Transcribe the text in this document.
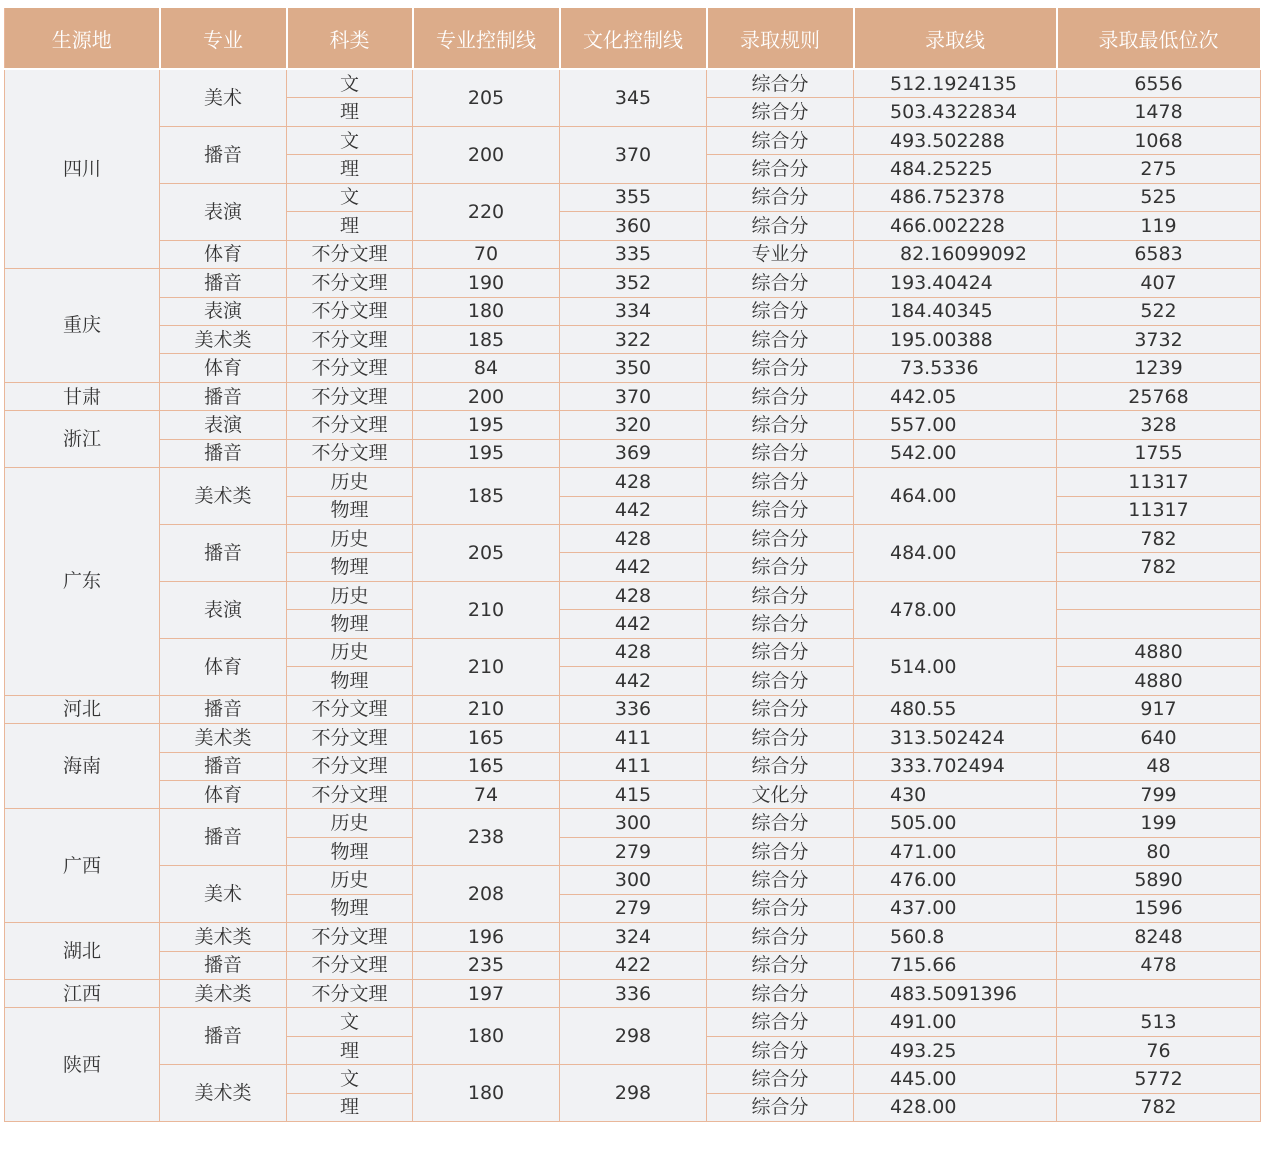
生源地	专业	科类	专业控制线	文化控制线	录取规则	录取线	录取最低位次
四川	美术	文	205	345	综合分	512.1924135	6556
		理			综合分	503.4322834	1478
	播音	文	200	370	综合分	493.502288	1068
		理			综合分	484.25225	275
	表演	文	220	355	综合分	486.752378	525
		理		360	综合分	466.002228	119
	体育	不分文理	70	335	专业分	82.16099092	6583
重庆	播音	不分文理	190	352	综合分	193.40424	407
	表演	不分文理	180	334	综合分	184.40345	522
	美术类	不分文理	185	322	综合分	195.00388	3732
	体育	不分文理	84	350	综合分	73.5336	1239
甘肃	播音	不分文理	200	370	综合分	442.05	25768
浙江	表演	不分文理	195	320	综合分	557.00	328
	播音	不分文理	195	369	综合分	542.00	1755
广东	美术类	历史	185	428	综合分	464.00	11317
		物理		442	综合分		11317
	播音	历史	205	428	综合分	484.00	782
		物理		442	综合分		782
	表演	历史	210	428	综合分	478.00	
		物理		442	综合分		
	体育	历史	210	428	综合分	514.00	4880
		物理		442	综合分		4880
河北	播音	不分文理	210	336	综合分	480.55	917
海南	美术类	不分文理	165	411	综合分	313.502424	640
	播音	不分文理	165	411	综合分	333.702494	48
	体育	不分文理	74	415	文化分	430	799
广西	播音	历史	238	300	综合分	505.00	199
		物理		279	综合分	471.00	80
	美术	历史	208	300	综合分	476.00	5890
		物理		279	综合分	437.00	1596
湖北	美术类	不分文理	196	324	综合分	560.8	8248
	播音	不分文理	235	422	综合分	715.66	478
江西	美术类	不分文理	197	336	综合分	483.5091396	
陕西	播音	文	180	298	综合分	491.00	513
		理			综合分	493.25	76
	美术类	文	180	298	综合分	445.00	5772
		理			综合分	428.00	782
